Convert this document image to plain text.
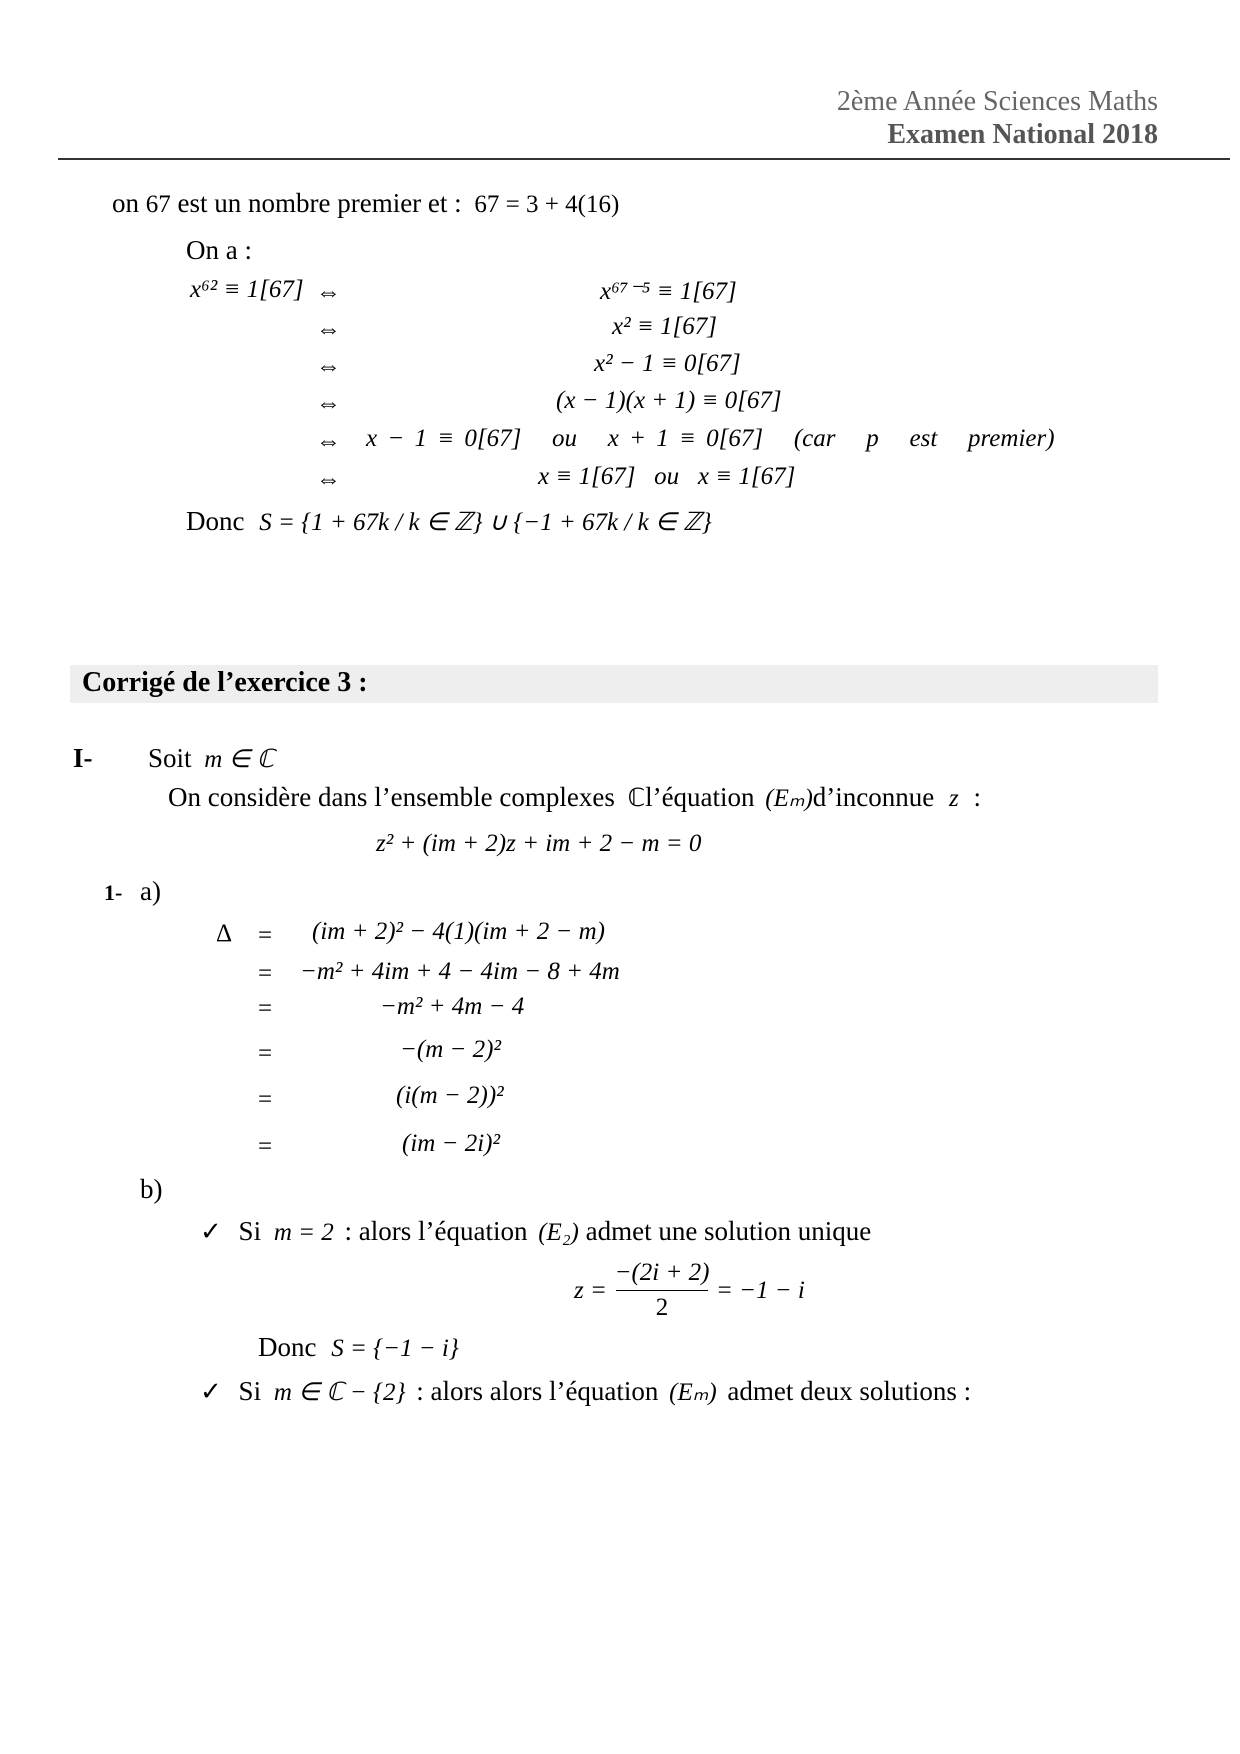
2ème Année Sciences Maths
Examen National 2018
on 67 est un nombre premier et : 67 = 3 + 4(16)
On a :
x⁶² ≡ 1[67] ⇔
⇔
⇔
⇔
⇔
⇔
x⁶⁷⁻⁵ ≡ 1[67]
x² ≡ 1[67]
x² − 1 ≡ 0[67]
(x − 1)(x + 1) ≡ 0[67]
x − 1 ≡ 0[67]   ou   x + 1 ≡ 0[67]   (car   p   est   premier)
x ≡ 1[67]   ou   x ≡ 1[67]
Donc S = {1 + 67k / k ∈ ℤ} ∪ {−1 + 67k / k ∈ ℤ}
Corrigé de l’exercice 3 :
I- Soit m ∈ ℂ
On considère dans l’ensemble complexes ℂl’équation (Eₘ)d’inconnue z :
z² + (im + 2)z + im + 2 − m = 0
1- a)
Δ =
=
=
=
=
=
(im + 2)² − 4(1)(im + 2 − m)
−m² + 4im + 4 − 4im − 8 + 4m
−m² + 4m − 4
−(m − 2)²
(i(m − 2))²
(im − 2i)²
b)
✓ Si m = 2 : alors l’équation (E₂) admet une solution unique
z =
−(2i + 2)
2
= −1 − i
Donc S = {−1 − i}
✓ Si m ∈ ℂ − {2} : alors alors l’équation (Eₘ) admet deux solutions :
